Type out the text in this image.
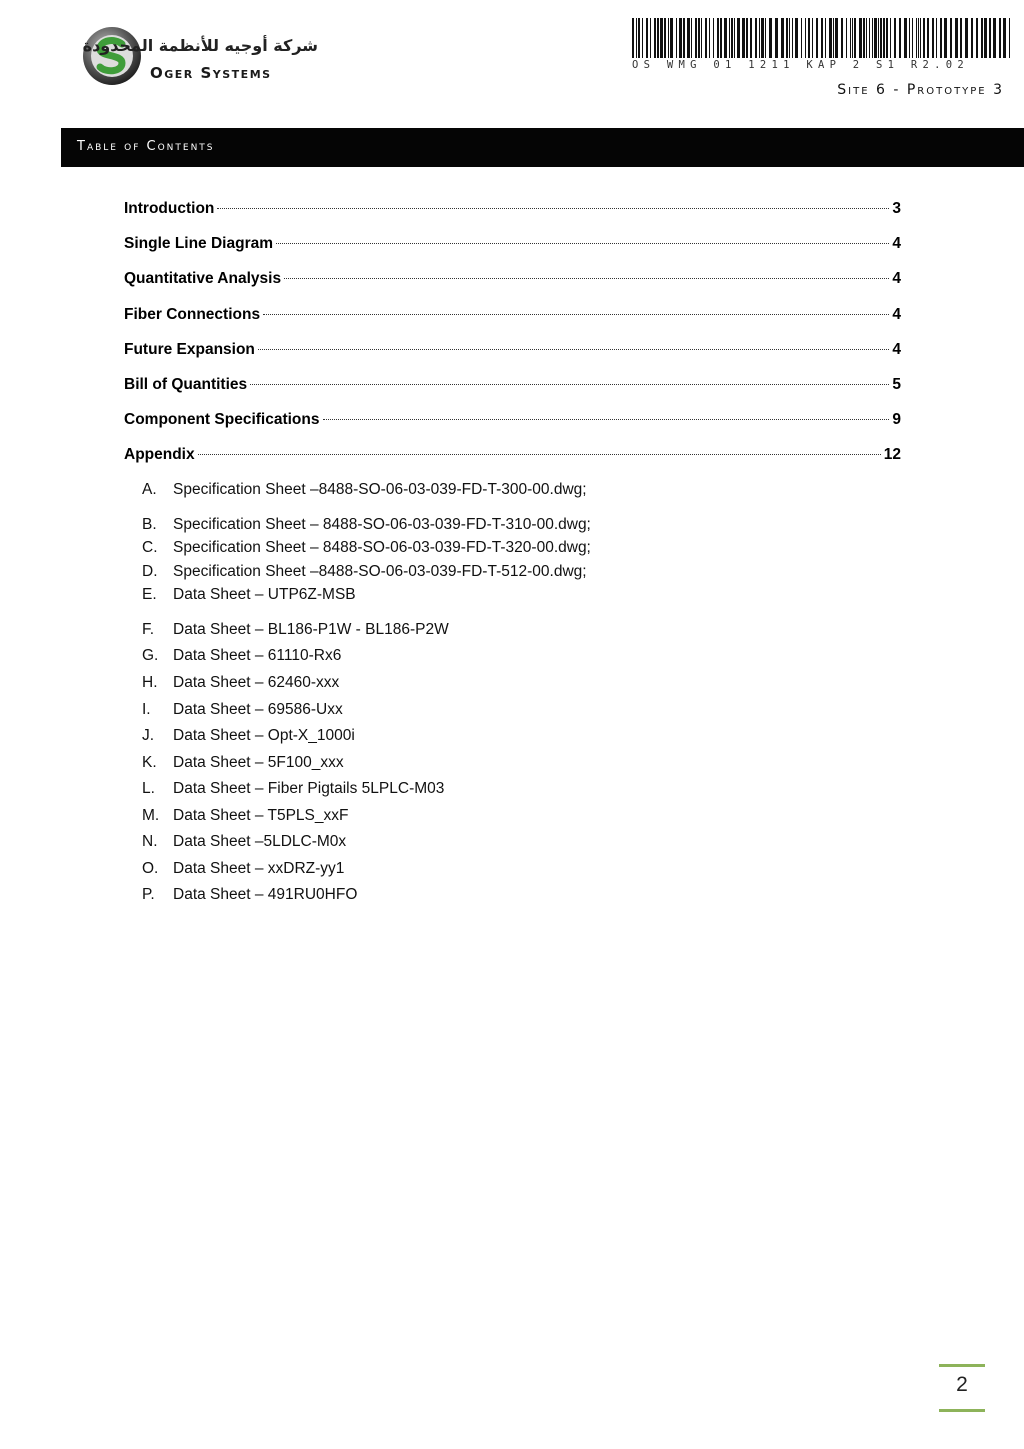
شركة أوجيه للأنظمة المحدودة
Oger Systems	OS WMG 01 1211 KAP 2 S1 R2.02
Site 6 - Prototype 3
Table of Contents
Introduction	3
Single Line Diagram	4
Quantitative Analysis	4
Fiber Connections	4
Future Expansion	4
Bill of Quantities	5
Component Specifications	9
Appendix	12
A. Specification Sheet –8488-SO-06-03-039-FD-T-300-00.dwg;
B. Specification Sheet – 8488-SO-06-03-039-FD-T-310-00.dwg;
C. Specification Sheet – 8488-SO-06-03-039-FD-T-320-00.dwg;
D. Specification Sheet –8488-SO-06-03-039-FD-T-512-00.dwg;
E. Data Sheet – UTP6Z-MSB
F. Data Sheet – BL186-P1W - BL186-P2W
G. Data Sheet – 61110-Rx6
H. Data Sheet – 62460-xxx
I. Data Sheet – 69586-Uxx
J. Data Sheet – Opt-X_1000i
K. Data Sheet – 5F100_xxx
L. Data Sheet – Fiber Pigtails 5LPLC-M03
M. Data Sheet – T5PLS_xxF
N. Data Sheet –5LDLC-M0x
O. Data Sheet – xxDRZ-yy1
P. Data Sheet – 491RU0HFO
2
